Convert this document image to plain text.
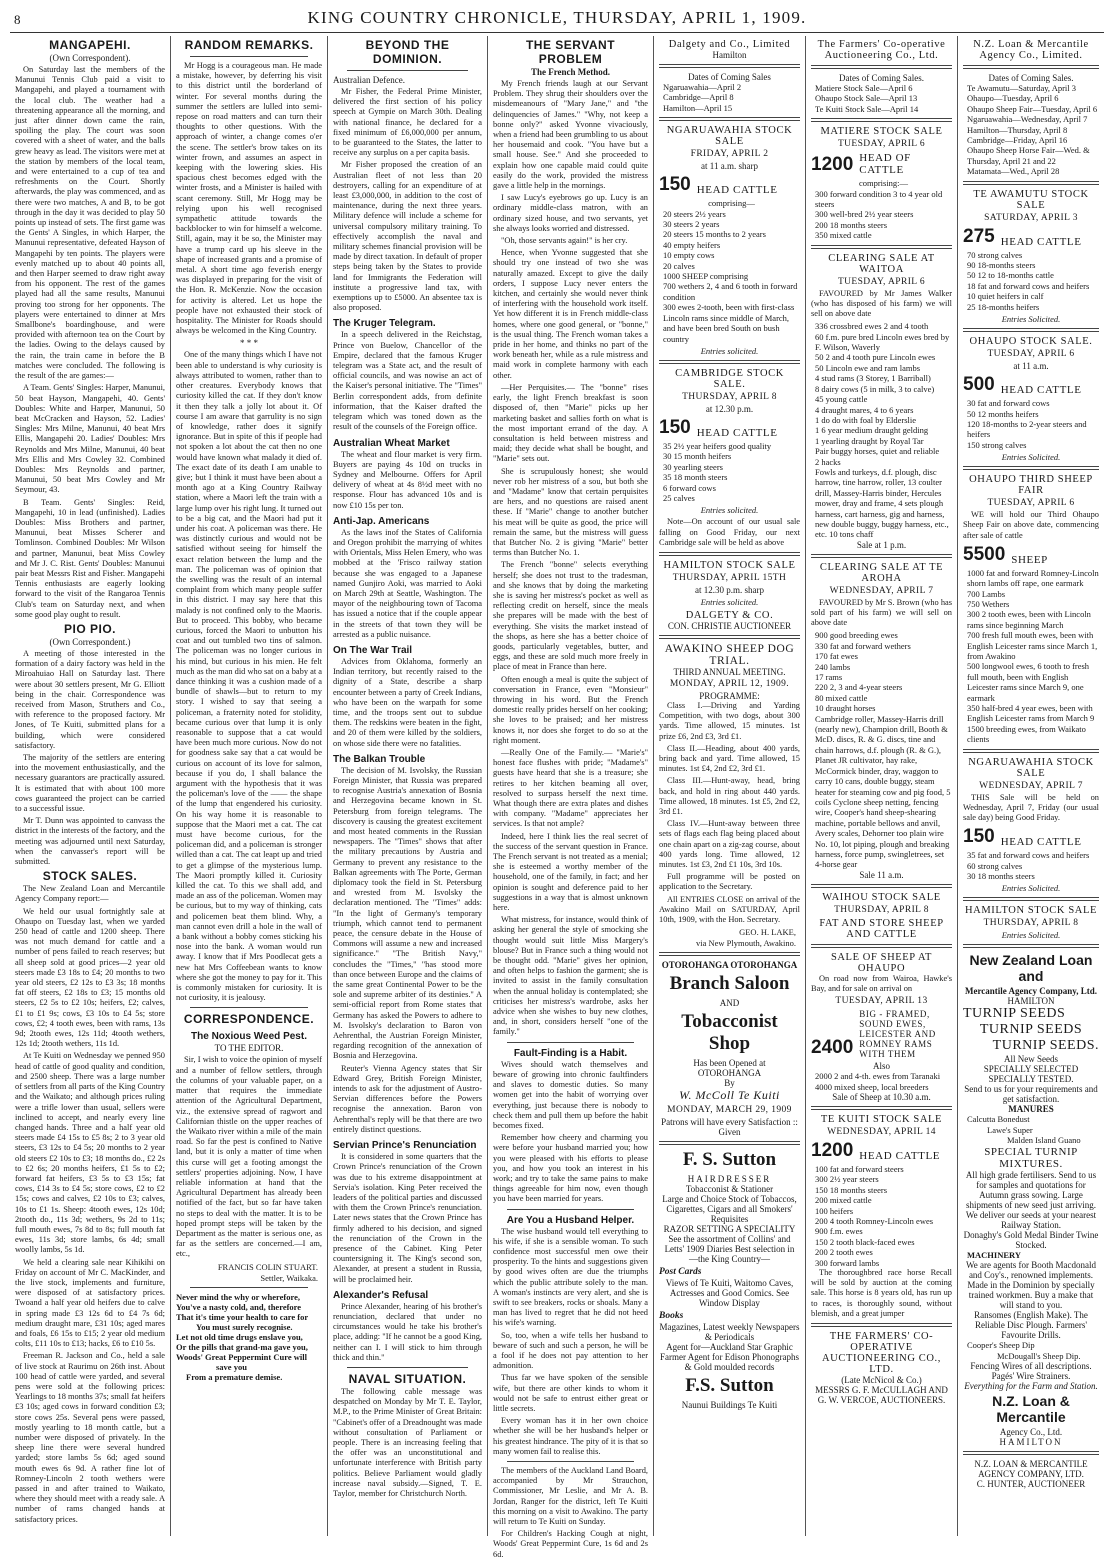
KING COUNTRY CHRONICLE, THURSDAY, APRIL 1, 1909.
8
MANGAPEHI.
(Own Correspondent).

On Saturday last the members of the Manunui Tennis Club paid a visit to Mangapehi, and played a tournament with the local club. The weather had a threatening appearance all the morning, and just after dinner down came the rain, spoiling the play. The court was soon covered with a sheet of water, and the balls grew heavy as lead. The visitors were met at the station by members of the local team, and were entertained to a cup of tea and refreshments on the Court. Shortly afterwards, the play was commenced, and as there were two matches, A and B, to be got through in the day it was decided to play 50 points up instead of sets. The first game was the Gents' A Singles, in which Harper, the Manunui representative, defeated Hayson of Mangapehi by ten points. The players were evenly matched up to about 40 points all, and then Harper seemed to draw right away from his opponent. The rest of the games played had all the same results, Manunui proving too strong for her opponents. The players were entertained to dinner at Mrs Smallbone's boardinghouse, and were provided with afternoon tea on the Court by the ladies. Owing to the delays caused by the rain, the train came in before the B matches were concluded. The following is the result of the are games:—

A Team. Gents' Singles: Harper, Manunui, 50 beat Hayson, Mangapehi, 40. Gents' Doubles: White and Harper, Manunui, 50 beat McCracken and Hayson, 52. Ladies' Singles: Mrs Milne, Manunui, 40 beat Mrs Ellis, Mangapehi 20. Ladies' Doubles: Mrs Reynolds and Mrs Milne, Manunui, 40 beat Mrs Ellis and Mrs Cowley 32. Combined Doubles: Mrs Reynolds and partner, Manunui, 50 beat Mrs Cowley and Mr Seymour, 43.

B Team. Gents' Singles: Reid, Mangapehi, 10 in lead (unfinished). Ladies Doubles: Miss Brothers and partner, Manunui, beat Misses Scherer and Tomlinson. Combined Doubles: Mr Wilson and partner, Manunui, beat Miss Cowley and Mr J. C. Rist. Gents' Doubles: Manunui pair beat Messrs Rist and Fisher. Mangapehi Tennis enthusiasts are eagerly looking forward to the visit of the Rangaroa Tennis Club's team on Saturday next, and when some good play ought to result.

PIO PIO.
(Own Correspondent.)

A meeting of those interested in the formation of a dairy factory was held in the Miroahuiao Hall on Saturday last. There were about 30 settlers present, Mr G. Elliott being in the chair. Correspondence was received from Mason, Struthers and Co., with reference to the proposed factory. Mr Jones, of Te Kuiti, submitted plans for a building, which were considered satisfactory.

The majority of the settlers are entering into the movement enthusiastically, and the necessary guarantors are practically assured. It is estimated that with about 100 more cows guaranteed the project can be carried to a successful issue.

Mr T. Dunn was appointed to canvass the district in the interests of the factory, and the meeting was adjourned until next Saturday, when the canvasser's report will be submitted.

STOCK SALES.

The New Zealand Loan and Mercantile Agency Company report:—

We held our usual fortnightly sale at Ohaupo on Tuesday last, when we yarded 250 head of cattle and 1200 sheep. There was not much demand for cattle and a number of pens failed to reach reserves; but all sheep sold at good prices—2 year old steers made £3 18s to £4; 20 months to two year old steers, £2 12s to £3 3s; 18 months fat off steers, £2 18s to £3; 15 months old steers, £2 5s to £2 10s; heifers, £2; calves, £1 to £1 9s; cows, £3 10s to £4 5s; store cows, £2; 4 tooth ewes, been with rams, 13s 9d; 2tooth ewes, 12s 11d; 4tooth wethers, 12s 1d; 2tooth wethers, 11s 1d.

At Te Kuiti on Wednesday we penned 950 head of cattle of good quality and condition, and 2500 sheep. There was a large number of settlers from all parts of the King Country and the Waikato; and although prices ruling were a trifle lower than usual, sellers were inclined to accept, and nearly every line changed hands. Three and a half year old steers made £4 15s to £5 8s; 2 to 3 year old steers, £3 12s to £4 5s; 20 months to 2 year old steers £2 10s to £3; 18 months do., £2 2s to £2 6s; 20 months heifers, £1 5s to £2; forward fat heifers, £3 5s to £3 15s; fat cows, £14 3s to £4 5s; store cows, £2 to £2 15s; cows and calves, £2 10s to £3; calves, 10s to £1 1s. Sheep: 4tooth ewes, 12s 10d; 2tooth do., 11s 3d; wethers, 9s 2d to 11s; full mouth ewes, 7s 8d to 8s; full mouth fat ewes, 11s 3d; store lambs, 6s 4d; small woolly lambs, 5s 1d.

We held a clearing sale near Kihikihi on Friday on account of Mr C. MacKinder, and the live stock, implements and furniture, were disposed of at satisfactory prices. Twoand a half year old heifers due to calve in spring made £3 12s 6d to £4 7s 6d; medium draught mare, £31 10s; aged mares and foals, £6 15s to £15; 2 year old medium colts, £11 10s to £13; hacks, £6 to £10 5s.

Freeman R. Jackson and Co., held a sale of live stock at Raurimu on 26th inst. About 100 head of cattle were yarded, and several pens were sold at the following prices: Yearlings to 18 months 37s; small fat heifers £3 10s; aged cows in forward condition £3; store cows 25s. Several pens were passed, mostly yearling to 18 month cattle, but a number were disposed of privately. In the sheep line there were several hundred yarded; store lambs 5s 6d; aged sound mouth ewes 6s 9d. A rather fine lot of Romney-Lincoln 2 tooth wethers were passed in and after trained to Waikato, where they should meet with a ready sale. A number of rams changed hands at satisfactory prices.

RANDOM REMARKS.

Mr Hogg is a courageous man. He made a mistake, however, by deferring his visit to this district until the borderland of winter. For several months during the summer the settlers are lulled into semi-repose on road matters and can turn their thoughts to other questions. With the approach of winter, a change comes o'er the scene. The settler's brow takes on its winter frown, and assumes an aspect in keeping with the lowering skies. His spacious chest becomes edged with the winter frosts, and a Minister is hailed with scant ceremony. Still, Mr Hogg may be relying upon his well recognised sympathetic attitude towards the backblocker to win for himself a welcome. Still, again, may it be so, the Minister may have a trump card up his sleeve in the shape of increased grants and a promise of metal. A short time ago feverish energy was displayed in preparing for the visit of the Hon. R. McKenzie. Now the occasion for activity is altered. Let us hope the people have not exhausted their stock of hospitality. The Minister for Roads should always be welcomed in the King Country.

* * *

One of the many things which I have not been able to understand is why curiosity is always attributed to women, rather than to other creatures. Everybody knows that curiosity killed the cat. If they don't know it then they talk a jolly lot about it. Of course I am aware that garrulity is no sign of knowledge, rather does it signify ignorance. But in spite of this if people had not spoken a lot about the cat then no one would have known what malady it died of. The exact date of its death I am unable to give; but I think it must have been about a month ago at a King Country Railway station, where a Maori left the train with a large lump over his right lung. It turned out to be a big cat, and the Maori had put it under his coat. A policeman was there. He was distinctly curious and would not be satisfied without seeing for himself the exact relation between the lump and the man. The policeman was of opinion that the swelling was the result of an internal complaint from which many people suffer in this district. I may say here that this malady is not confined only to the Maoris. But to proceed. This bobby, who became curious, forced the Maori to unbutton his coat and out tumbled two tins of salmon. The policeman was no longer curious in his mind, but curious in his mien. He felt much as the man did who sat on a baby at a dance thinking it was a cushion made of a bundle of shawls—but to return to my story. I wished to say that seeing a policeman, a fraternity noted for stolidity, became curious over that lump it is only reasonable to suppose that a cat would have been much more curious. Now do not for goodness sake say that a cat would be curious on account of its love for salmon, because if you do, I shall balance the argument with the hypothesis that it was the policeman's love of the —— the shape of the lump that engendered his curiosity. On his way home it is reasonable to suppose that the Maori met a cat. The cat must have become curious, for the policeman did, and a policeman is stronger willed than a cat. The cat leapt up and tried to get a glimpse of the mysterious lump. The Maori promptly killed it. Curiosity killed the cat. To this we shall add, and made an ass of the policeman. Women may be curious, but to my way of thinking, cats and policemen beat them blind. Why, a man cannot even drill a hole in the wall of a bank without a bobby comes sticking his nose into the bank. A woman would run away. I know that if Mrs Poodlecat gets a new hat Mrs Coffeebean wants to know where she got the money to pay for it. This is commonly mistaken for curiosity. It is not curiosity, it is jealousy.

CORRESPONDENCE.
The Noxious Weed Pest.
TO THE EDITOR.

Sir, I wish to voice the opinion of myself and a number of fellow settlers, through the columns of your valuable paper, on a matter that requires the immediate attention of the Agricultural Department, viz., the extensive spread of ragwort and Californian thistle on the upper reaches of the Waikato river within a mile of the main road. So far the pest is confined to Native land, but it is only a matter of time when this curse will get a footing amongst the settlers' properties adjoining. Now, I have reliable information at hand that the Agricultural Department has already been notified of the fact, but so far have taken no steps to deal with the matter. It is to be hoped prompt steps will be taken by the Department as the matter is serious one, as far as the settlers are concerned.—I am, etc.,

FRANCIS COLIN STUART.
Settler, Waikaka.
Never mind the why or wherefore,
You've a nasty cold, and, therefore
That it's time your health to care for
You must surely recognise.
Let not old time drugs enslave you,
Or the pills that grand-ma gave you,
Woods' Great Peppermint Cure will
save you
From a premature demise.
BEYOND THE DOMINION.
Australian Defence.

Mr Fisher, the Federal Prime Minister, delivered the first section of his policy speech at Gympie on March 30th. Dealing with national finance, he declared for a fixed minimum of £6,000,000 per annum, to be guaranteed to the States, the latter to receive any surplus on a per capita basis.

Mr Fisher proposed the creation of an Australian fleet of not less than 20 destroyers, calling for an expenditure of at least £3,000,000, in addition to the cost of maintenance, during the next three years. Military defence will include a scheme for universal compulsory military training. To effectively accomplish the naval and military schemes financial provision will be made by direct taxation. In default of proper steps being taken by the States to provide land for Immigrants the Federation will institute a progressive land tax, with exemptions up to £5000. An absentee tax is also proposed.

The Kruger Telegram.

In a speech delivered in the Reichstag, Prince von Buelow, Chancellor of the Empire, declared that the famous Kruger telegram was a State act, and the result of official councils, and was nowise an act of the Kaiser's personal initiative. The "Times" Berlin correspondent adds, from definite information, that the Kaiser drafted the telegram which was toned down as the result of the counsels of the Foreign office.

Australian Wheat Market

The wheat and flour market is very firm. Buyers are paying 4s 10d on trucks in Sydney and Melbourne. Offers for April delivery of wheat at 4s 8½d meet with no response. Flour has advanced 10s and is now £10 15s per ton.

Anti-Jap. Americans

As the laws inof the States of California and Oregon prohibit the marrying of whites with Orientals, Miss Helen Emery, who was mobbed at the 'Frisco railway station because she was engaged to a Japanese named Gunjiro Aoki, was married to Aoki on March 29th at Seattle, Washington. The mayor of the neighbouring town of Tacoma has issued a notice that if the couple appear in the streets of that town they will be arrested as a public nuisance.

On The War Trail

Advices from Oklahoma, formerly an Indian territory, but recently raised to the dignity of a State, describe a sharp encounter between a party of Creek Indians, who have been on the warpath for some time, and the troops sent out to subdue them. The redskins were beaten in the fight, and 20 of them were killed by the soldiers, on whose side there were no fatalities.

The Balkan Trouble

The decision of M. Isvolsky, the Russian Foreign Minister, that Russia was prepared to recognise Austria's annexation of Bosnia and Herzegovina became known in St. Petersburg from foreign telegrams. The discovery is causing the greatest excitement and most heated comments in the Russian newspapers. The "Times" shows that after the military precautions by Austria and Germany to prevent any resistance to the Balkan agreements with The Porte, German diplomacy took the field in St. Petersburg and wrested from M. Isvolsky the declaration mentioned. The "Times" adds: "In the light of Germany's temporary triumph, which cannot tend to permanent peace, the censure debate in the House of Commons will assume a new and increased significance." "The British Navy," concludes the "Times," "has stood more than once between Europe and the claims of the same great Continental Power to be the sole and supreme arbiter of its destinies." A semi-official report from Rome states that Germany has asked the Powers to adhere to M. Isvolsky's declaration to Baron von Aehrenthal, the Austrian Foreign Minister, regarding recognition of the annexation of Bosnia and Herzegovina.

Reuter's Vienna Agency states that Sir Edward Grey, British Foreign Minister, intends to ask for the adjustment of Austro-Servian differences before the Powers recognise the annexation. Baron von Aehrenthal's reply will be that there are two entirely distinct questions.

Servian Prince's Renunciation

It is considered in some quarters that the Crown Prince's renunciation of the Crown was due to his extreme disappointment at Servia's isolation. King Peter received the leaders of the political parties and discussed with them the Crown Prince's renunciation. Later news states that the Crown Prince has firmly adhered to his decision, and signed the renunciation of the Crown in the presence of the Cabinet. King Peter countersigning it. The King's second son, Alexander, at present a student in Russia, will be proclaimed heir.

Alexander's Refusal

Prince Alexander, hearing of his brother's renunciation, declared that under no circumstances would he take his brother's place, adding: "If he cannot be a good King, neither can I. I will stick to him through thick and thin."

NAVAL SITUATION.

The following cable message was despatched on Monday by Mr T. E. Taylor, M.P., to the Prime Minister of Great Britain: "Cabinet's offer of a Dreadnought was made without consultation of Parliament or people. There is an increasing feeling that the offer was an unconstitutional and unfortunate interference with British party politics. Believe Parliament would gladly increase naval subsidy.—Signed, T. E. Taylor, member for Christchurch North.

THE SERVANT PROBLEM
The French Method.

My French friends laugh at our Servant Problem. They shrug their shoulders over the misdemeanours of "Mary Jane," and "the delinquencies of James." "Why, not keep a bonne only?" asked Yvonne vivaciously, when a friend had been grumbling to us about her housemaid and cook. "You have but a small house. See." And she proceeded to explain how one capable maid could quite easily do the work, provided the mistress gave a little help in the mornings.

I saw Lucy's eyebrows go up. Lucy is an ordinary middle-class matron, with an ordinary sized house, and two servants, yet she always looks worried and distressed.

"Oh, those servants again!" is her cry.

Hence, when Yvonne suggested that she should try one instead of two she was naturally amazed. Except to give the daily orders, I suppose Lucy never enters the kitchen, and certainly she would never think of interfering with the household work itself. Yet how different it is in French middle-class homes, where one good general, or "bonne," is the usual thing. The French woman takes a pride in her home, and thinks no part of the work beneath her, while as a rule mistress and maid work in complete harmony with each other.

—Her Perquisites.— The "bonne" rises early, the light French breakfast is soon disposed of, then "Marie" picks up her marketing basket and sallies forth on what is the most important errand of the day. A consultation is held between mistress and maid; they decide what shall be bought, and "Marie" sets out.

She is scrupulously honest; she would never rob her mistress of a sou, but both she and "Madame" know that certain perquisites are hers, and no questions are raised anent these. If "Marie" change to another butcher his meat will be quite as good, the price will remain the same, but the mistress will guess that Butcher No. 2 is giving "Marie" better terms than Butcher No. 1.

The French "bonne" selects everything herself; she does not trust to the tradesman, and she knows that by doing the marketing she is saving her mistress's pocket as well as reflecting credit on herself, since the meals she prepares will be made with the best of everything. She visits the market instead of the shops, as here she has a better choice of goods, particularly vegetables, butter, and eggs, and these are sold much more freely in place of meat in France than here.

Often enough a meal is quite the subject of conversation in France, even "Monsieur" throwing in his word. But the French domestic really prides herself on her cooking; she loves to be praised; and her mistress knows it, nor does she forget to do so at the right moment.

—Really One of the Family.— "Marie's" honest face flushes with pride; "Madame's" guests have heard that she is a treasure; she retires to her kitchen beaming all over, resolved to surpass herself the next time. What though there are extra plates and dishes with company. "Madame" appreciates her services. Is that not ample?

Indeed, here I think lies the real secret of the success of the servant question in France. The French servant is not treated as a menial; she is esteemed a worthy member of the household, one of the family, in fact; and her opinion is sought and deference paid to her suggestions in a way that is almost unknown here.

What mistress, for instance, would think of asking her general the style of smocking she thought would suit little Miss Margery's blouse? But in France such a thing would not be thought odd. "Marie" gives her opinion, and often helps to fashion the garment; she is invited to assist in the family consultation when the annual holiday is contemplated; she criticises her mistress's wardrobe, asks her advice when she wishes to buy new clothes, and, in short, considers herself "one of the family."

Fault-Finding is a Habit.

Wives should watch themselves and beware of growing into chronic faultfinders and slaves to domestic duties. So many women get into the habit of worrying over everything, just because there is nobody to check them and pull them up before the habit becomes fixed.

Remember how cheery and charming you were before your husband married you; how you were pleased with his efforts to please you, and how you took an interest in his work; and try to take the same pains to make things agreeable for him now, even though you have been married for years.

Are You a Husband Helper.

The wise husband would tell everything to his wife, if she is a sensible woman. To such confidence most successful men owe their prosperity. To the hints and suggestions given by good wives often are due the triumphs which the public attribute solely to the man. A woman's instincts are very alert, and she is swift to see breakers, rocks or shoals. Many a man has lived to regret that he did not heed his wife's warning.

So, too, when a wife tells her husband to beware of such and such a person, he will be a fool if he does not pay attention to her admonition.

Thus far we have spoken of the sensible wife, but there are other kinds to whom it would not be safe to entrust either great or little secrets.

Every woman has it in her own choice whether she will be her husband's helper or his greatest hindrance. The pity of it is that so many women fail to realise this.

The members of the Auckland Land Board, accompanied by Mr Strauchon, Commissioner, Mr Leslie, and Mr A. B. Jordan, Ranger for the district, left Te Kuiti this morning on a visit to Awakino. The party will return to Te Kuiti on Sunday.

For Children's Hacking Cough at night, Woods' Great Peppermint Cure, 1s 6d and 2s 6d.

Dalgety and Co., Limited
Hamilton
Dates of Coming Sales
Ngaruawahia—April 2
Cambridge—April 8
Hamilton—April 15
NGARUAWAHIA STOCK SALE
FRIDAY, APRIL 2
at 11 a.m. sharp
150 HEAD CATTLE
comprising—
20 steers 2½ years
30 steers 2 years
20 steers 15 months to 2 years
40 empty heifers
10 empty cows
20 calves
1000 SHEEP comprising
700 wethers 2, 4 and 6 tooth in forward condition
300 ewes 2-tooth, been with first-class Lincoln rams since middle of March, and have been bred South on bush country
Entries solicited.
CAMBRIDGE STOCK SALE.
THURSDAY, APRIL 8
at 12.30 p.m.
150 HEAD CATTLE
35 2½ year heifers good quality
30 15 month heifers
30 yearling steers
35 18 month steers
6 forward cows
25 calves
Entries solicited.

Note—On account of our usual sale falling on Good Friday, our next Cambridge sale will be held as above

HAMILTON STOCK SALE
THURSDAY, APRIL 15TH
at 12.30 p.m. sharp
Entries solicited.
DALGETY & CO.
CON. CHRISTIE AUCTIONEER
AWAKINO SHEEP DOG TRIAL.
THIRD ANNUAL MEETING.
MONDAY, APRIL 12, 1909.
PROGRAMME:

Class I.—Driving and Yarding Competition, with two dogs, about 300 yards. Time allowed, 15 minutes. 1st prize £6, 2nd £3, 3rd £1.

Class II.—Heading, about 400 yards, bring back and yard. Time allowed, 15 minutes. 1st £4, 2nd £2, 3rd £1.

Class III.—Hunt-away, head, bring back, and hold in ring about 440 yards. Time allowed, 18 minutes. 1st £5, 2nd £2, 3rd £1.

Class IV.—Hunt-away between three sets of flags each flag being placed about one chain apart on a zig-zag course, about 400 yards long. Time allowed, 12 minutes. 1st £3, 2nd £1 10s, 3rd 10s.

Full programme will be posted on application to the Secretary.

All ENTRIES CLOSE on arrival of the Awakino Mail on SATURDAY, April 10th, 1909, with the Hon. Secretary.

GEO. H. LAKE,
via New Plymouth, Awakino.
OTOROHANGA OTOROHANGA
Branch Saloon
AND
Tobacconist Shop
Has been Opened at
OTOROHANGA
By
W. McColl Te Kuiti
MONDAY, MARCH 29, 1909
Patrons will have every Satisfaction :: Given
F. S. Sutton
HAIRDRESSER
Tobacconist & Stationer
Large and Choice Stock of Tobaccos, Cigarettes, Cigars and all Smokers' Requisites
RAZOR SETTING A SPECIALITY
See the assortment of Collins' and Letts' 1909 Diaries Best selection in —the King Country—
Post Cards
Views of Te Kuiti, Waitomo Caves, Actresses and Good Comics. See Window Display
Books
Magazines, Latest weekly Newspapers & Periodicals
Agent for—Auckland Star Graphic Farmer Agent for Edison Phonographs & Gold moulded records
F.S. Sutton
Naunui Buildings Te Kuiti
The Farmers' Co-operative Auctioneering Co., Ltd.
Dates of Coming Sales.
Matiere Stock Sale—April 6
Ohaupo Stock Sale—April 13
Te Kuiti Stock Sale—April 14
MATIERE STOCK SALE
TUESDAY, APRIL 6
1200 HEAD OF CATTLE
comprising:—
300 forward condition 3 to 4 year old steers
300 well-bred 2½ year steers
200 18 months steers
350 mixed cattle
CLEARING SALE AT WAITOA
TUESDAY, APRIL 6

FAVOURED by Mr James Walker (who has disposed of his farm) we will sell on above date

336 crossbred ewes 2 and 4 tooth
60 f.m. pure bred Lincoln ewes bred by F. Wilson, Waverly
50 2 and 4 tooth pure Lincoln ewes
50 Lincoln ewe and ram lambs
4 stud rams (3 Storey, 1 Barriball)
8 dairy cows (5 in milk, 3 to calve)
45 young cattle
4 draught mares, 4 to 6 years
1 do do with foal by Elderslie
1 6 year medium draught gelding
1 yearling draught by Royal Tar
Pair buggy horses, quiet and reliable
2 hacks
Fowls and turkeys, d.f. plough, disc harrow, tine harrow, roller, 13 coulter drill, Massey-Harris binder, Hercules mower, dray and frame, 4 sets plough harness, cart harness, gig and harness, new double buggy, buggy harness, etc., etc. 10 tons chaff
Sale at 1 p.m.
CLEARING SALE AT TE AROHA
WEDNESDAY, APRIL 7

FAVOURED by Mr S. Brown (who has sold part of his farm) we will sell on above date

900 good breeding ewes
330 fat and forward wethers
170 fat ewes
240 lambs
17 rams
220 2, 3 and 4-year steers
80 mixed cattle
10 draught horses
Cambridge roller, Massey-Harris drill (nearly new), Champion drill, Booth & McD. discs, R. & G. discs, tine and chain harrows, d.f. plough (R. & G.), Planet JR cultivator, hay rake, McCormick binder, dray, waggon to carry 10 cans, double buggy, steam heater for steaming cow and pig food, 5 coils Cyclone sheep netting, fencing wire, Cooper's hand sheep-shearing machine, portable bellows and anvil, Avery scales, Dehorner too plain wire No. 10, lot piping, plough and breaking harness, force pump, swingletrees, set 4-horse gear
Sale 11 a.m.
WAIHOU STOCK SALE
THURSDAY, APRIL 8
FAT AND STORE SHEEP AND CATTLE
SALE OF SHEEP AT OHAUPO

On road now from Wairoa, Hawke's Bay, and for sale on arrival on

TUESDAY, APRIL 13
2400
BIG - FRAMED, SOUND EWES, LEICESTER AND ROMNEY RAMS WITH THEM
Also
2000 2 and 4-th. ewes from Taranaki 4000 mixed sheep, local breeders
Sale of Sheep at 10.30 a.m.
TE KUITI STOCK SALE
WEDNESDAY, APRIL 14
1200 HEAD CATTLE
100 fat and forward steers
300 2½ year steers
150 18 months steers
200 mixed cattle
100 heifers
200 4 tooth Romney-Lincoln ewes
900 f.m. ewes
150 2 tooth black-faced ewes
200 2 tooth ewes
300 forward lambs

The thoroughbred race horse Recall will be sold by auction at the coming sale. This horse is 8 years old, has run up to races, is thoroughly sound, without blemish, and a great jumper

THE FARMERS' CO-OPERATIVE AUCTIONEERING CO., LTD.
(Late McNicol & Co.)
MESSRS G. F. McCULLAGH AND G. W. VERCOE, AUCTIONEERS.
N.Z. Loan & Mercantile Agency Co., Limited.
Dates of Coming Sales.
Te Awamutu—Saturday, April 3
Ohaupo—Tuesday, April 6
Ohaupo Sheep Fair—Tuesday, April 6
Ngaruawahia—Wednesday, April 7
Hamilton—Thursday, April 8
Cambridge—Friday, April 16
Ohaupo Sheep Horse Fair—Wed. & Thursday, April 21 and 22
Matamata—Wed., April 28
TE AWAMUTU STOCK SALE
SATURDAY, APRIL 3
275 HEAD CATTLE
70 strong calves
90 18-months steers
50 12 to 18-months cattle
18 fat and forward cows and heifers
10 quiet heifers in calf
25 18-months heifers
Entries Solicited.
OHAUPO STOCK SALE.
TUESDAY, APRIL 6
at 11 a.m.
500 HEAD CATTLE
30 fat and forward cows
50 12 months heifers
120 18-months to 2-year steers and heifers
150 strong calves
Entries Solicited.
OHAUPO THIRD SHEEP FAIR
TUESDAY, APRIL 6

WE will hold our Third Ohaupo Sheep Fair on above date, commencing after sale of cattle

5500 SHEEP
1000 fat and forward Romney-Lincoln shorn lambs off rape, one earmark
700 Lambs
750 Wethers
300 2 tooth ewes, been with Lincoln rams since beginning March
700 fresh full mouth ewes, been with English Leicester rams since March 1, from Awakino
500 longwool ewes, 6 tooth to fresh full mouth, been with English Leicester rams since March 9, one earmark
350 half-bred 4 year ewes, been with English Leicester rams from March 9
1500 breeding ewes, from Waikato clients
NGARUAWAHIA STOCK SALE
WEDNESDAY, APRIL 7

THIS Sale will be held on Wednesday, April 7, Friday (our usual sale day) being Good Friday.

150 HEAD CATTLE
35 fat and forward cows and heifers
60 strong calves
30 18 months steers
Entries Solicited.
HAMILTON STOCK SALE
THURSDAY, APRIL 8
Entries Solicited.
New Zealand Loan and
Mercantile Agency Company, Ltd.
HAMILTON
TURNIP SEEDS
TURNIP SEEDS
TURNIP SEEDS.
All New Seeds
SPECIALLY SELECTED
SPECIALLY TESTED.
Send to us for your requirements and get satisfaction.
MANURES
Calcutta Bonedust
Lawe's Super
Malden Island Guano
SPECIAL TURNIP MIXTURES.
All high grade fertilisers. Send to us for samples and quotations for Autumn grass sowing. Large shipments of new seed just arriving. We deliver our seeds at your nearest Railway Station.
Donaghy's Gold Medal Binder Twine Stocked.
MACHINERY
We are agents for Booth Macdonald and Coy's., renowned implements. Made in the Dominion by specially trained workmen. Buy a make that will stand to you.
Ransomes (English Make). The Reliable Disc Plough. Farmers' Favourite Drills.
Cooper's Sheep Dip
McDougall's Sheep Dip.
Fencing Wires of all descriptions. Pagés' Wire Strainers.
Everything for the Farm and Station.
N.Z. Loan & Mercantile
Agency Co., Ltd.
HAMILTON
N.Z. LOAN & MERCANTILE AGENCY COMPANY, LTD.
C. HUNTER, AUCTIONEER
